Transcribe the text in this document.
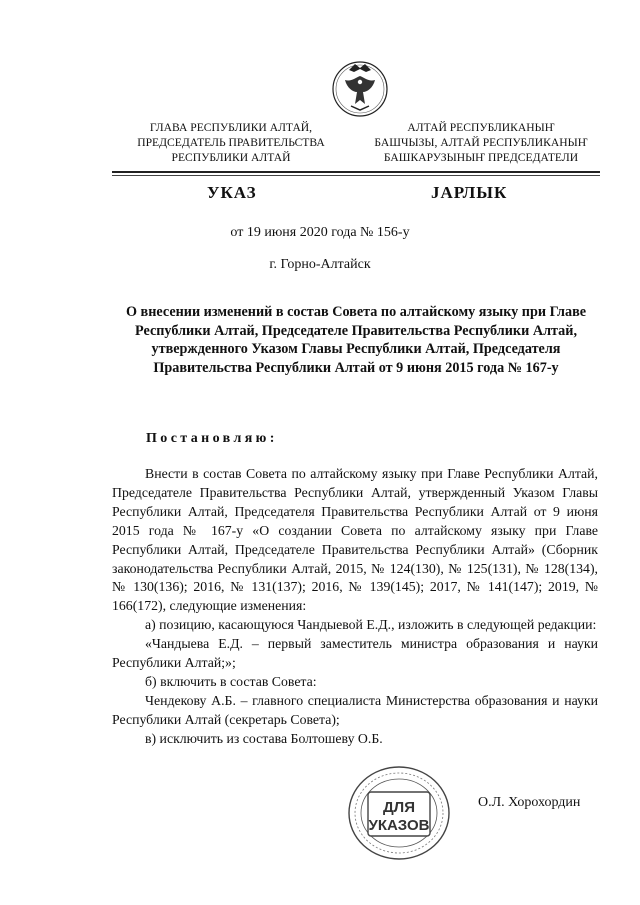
ГЛАВА РЕСПУБЛИКИ АЛТАЙ,
ПРЕДСЕДАТЕЛЬ ПРАВИТЕЛЬСТВА
РЕСПУБЛИКИ АЛТАЙ
АЛТАЙ РЕСПУБЛИКАНЫҤ
БАШЧЫЗЫ, АЛТАЙ РЕСПУБЛИКАНЫҤ
БАШКАРУЗЫНЫҤ ПРЕДСЕДАТЕЛИ
УКАЗ	JАРЛЫК
от 19 июня 2020 года № 156-у
г. Горно-Алтайск
О внесении изменений в состав Совета по алтайскому языку при Главе Республики Алтай, Председателе Правительства Республики Алтай, утвержденного Указом Главы Республики Алтай, Председателя Правительства Республики Алтай от 9 июня 2015 года № 167-у
Постановляю:

Внести в состав Совета по алтайскому языку при Главе Республики Алтай, Председателе Правительства Республики Алтай, утвержденный Указом Главы Республики Алтай, Председателя Правительства Республики Алтай от 9 июня 2015 года № 167-у «О создании Совета по алтайскому языку при Главе Республики Алтай, Председателе Правительства Республики Алтай» (Сборник законодательства Республики Алтай, 2015, № 124(130), № 125(131), № 128(134), № 130(136); 2016, № 131(137); 2016, № 139(145); 2017, № 141(147); 2019, № 166(172), следующие изменения:

а) позицию, касающуюся Чандыевой Е.Д., изложить в следующей редакции:

«Чандыева Е.Д. – первый заместитель министра образования и науки Республики Алтай;»;

б) включить в состав Совета:

Чендекову А.Б. – главного специалиста Министерства образования и науки Республики Алтай (секретарь Совета);

в) исключить из состава Болтошеву О.Б.

ДЛЯ
УКАЗОВ
О.Л. Хорохордин
